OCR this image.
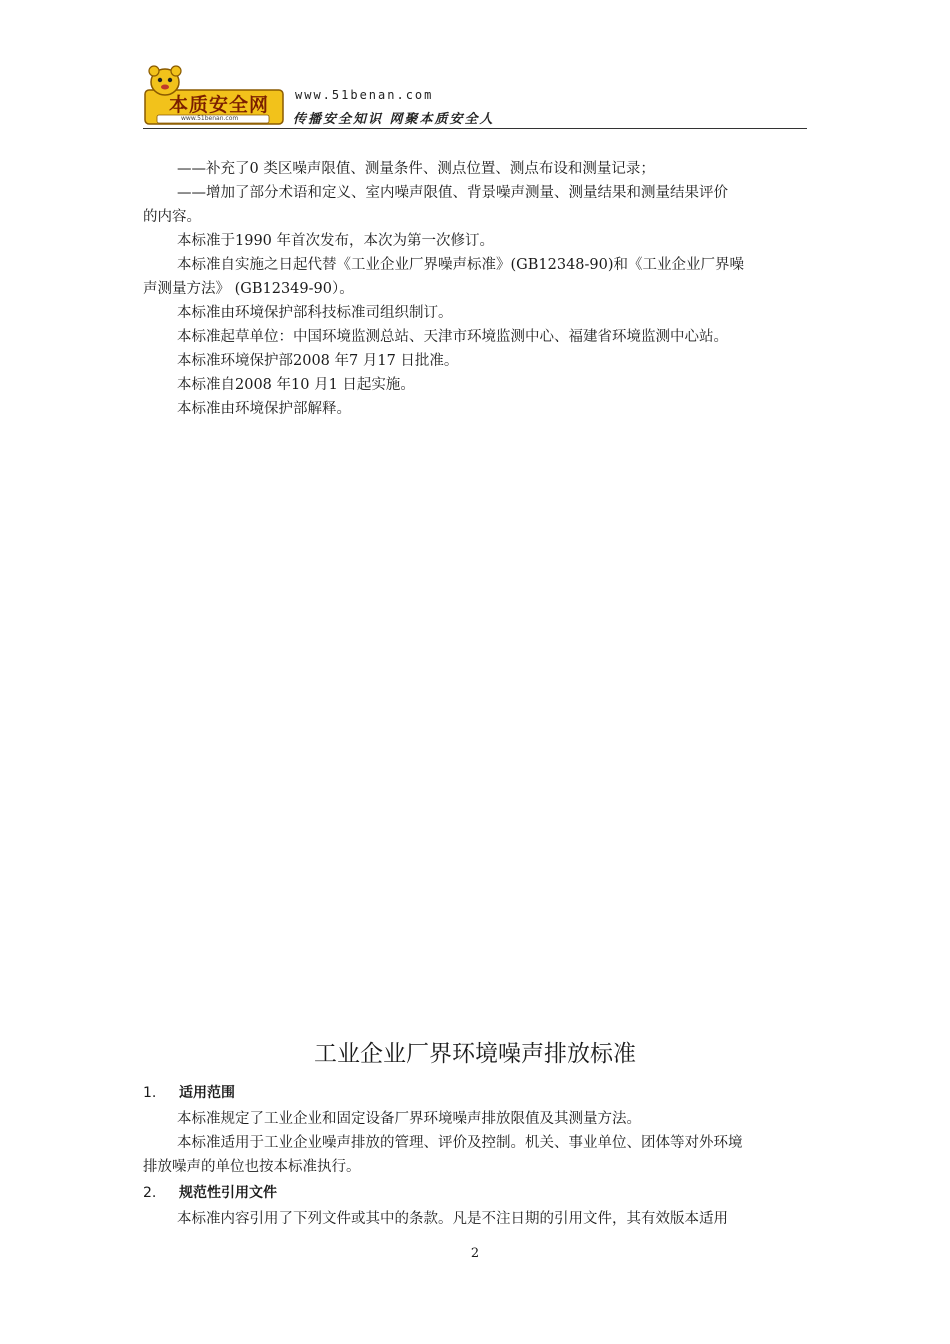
本质安全网
www.51benan.com
www.51benan.com
传播安全知识 网聚本质安全人
——补充了0 类区噪声限值、测量条件、测点位置、测点布设和测量记录；
——增加了部分术语和定义、室内噪声限值、背景噪声测量、测量结果和测量结果评价
的内容。
本标准于1990 年首次发布，本次为第一次修订。
本标准自实施之日起代替《工业企业厂界噪声标准》(GB12348-90)和《工业企业厂界噪
声测量方法》 (GB12349-90）。
本标准由环境保护部科技标准司组织制订。
本标准起草单位：中国环境监测总站、天津市环境监测中心、福建省环境监测中心站。
本标准环境保护部2008 年7 月17 日批准。
本标准自2008 年10 月1 日起实施。
本标准由环境保护部解释。
工业企业厂界环境噪声排放标准
1. 适用范围
本标准规定了工业企业和固定设备厂界环境噪声排放限值及其测量方法。
本标准适用于工业企业噪声排放的管理、评价及控制。机关、事业单位、团体等对外环境
排放噪声的单位也按本标准执行。
2. 规范性引用文件
本标准内容引用了下列文件或其中的条款。凡是不注日期的引用文件，其有效版本适用
2
